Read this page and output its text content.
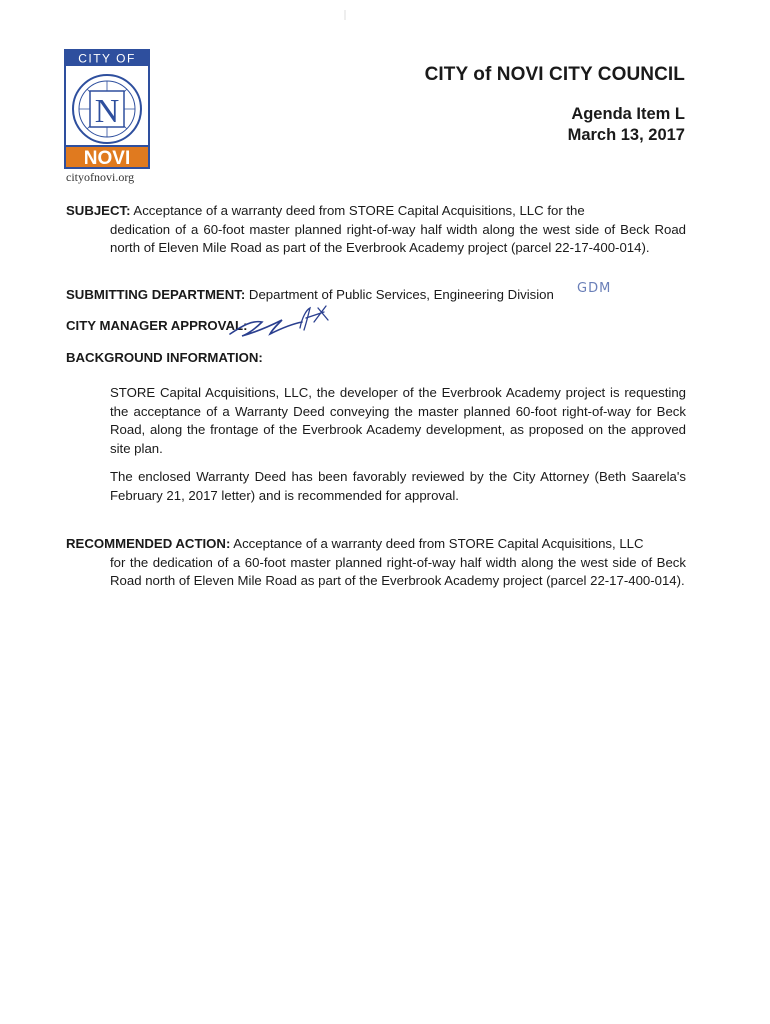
CITY OF
N
NOVI
cityofnovi.org
CITY of NOVI CITY COUNCIL
Agenda Item L
March 13, 2017
SUBJECT: Acceptance of a warranty deed from STORE Capital Acquisitions, LLC for the
dedication of a 60-foot master planned right-of-way half width along the west side of Beck Road north of Eleven Mile Road as part of the Everbrook Academy project (parcel 22-17-400-014).
SUBMITTING DEPARTMENT: Department of Public Services, Engineering Division	GDM
CITY MANAGER APPROVAL:
BACKGROUND INFORMATION:
STORE Capital Acquisitions, LLC, the developer of the Everbrook Academy project is requesting the acceptance of a Warranty Deed conveying the master planned 60-foot right-of-way for Beck Road, along the frontage of the Everbrook Academy development, as proposed on the approved site plan.
The enclosed Warranty Deed has been favorably reviewed by the City Attorney (Beth Saarela's February 21, 2017 letter) and is recommended for approval.
RECOMMENDED ACTION: Acceptance of a warranty deed from STORE Capital Acquisitions, LLC
for the dedication of a 60-foot master planned right-of-way half width along the west side of Beck Road north of Eleven Mile Road as part of the Everbrook Academy project (parcel 22-17-400-014).
